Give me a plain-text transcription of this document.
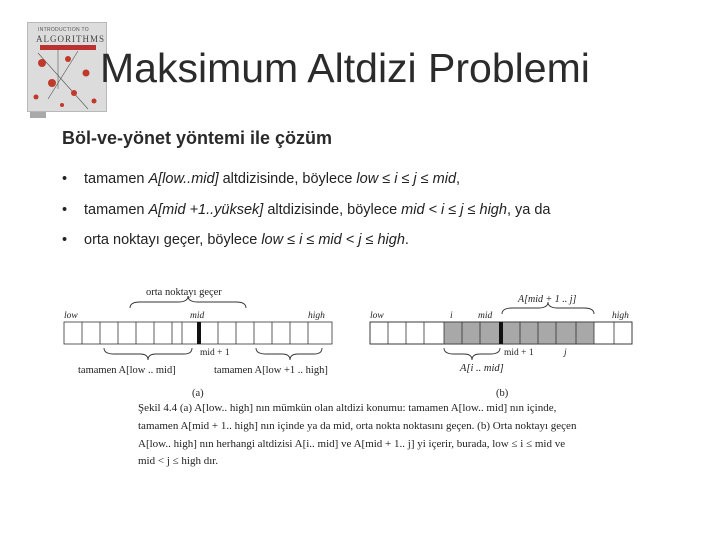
INTRODUCTION TO
ALGORITHMS
Maksimum Altdizi Problemi
Böl-ve-yönet yöntemi ile çözüm
• tamamen A[low..mid] altdizisinde, böylece low ≤ i ≤ j ≤ mid,
• tamamen A[mid +1..yüksek] altdizisinde, böylece mid < i ≤ j ≤ high, ya da
• orta noktayı geçer, böylece low ≤ i ≤ mid < j ≤ high.
orta noktayı geçer
low	mid	high
mid + 1
tamamen A[low .. mid]	tamamen A[low +1 .. high]
(a)
A[mid + 1 .. j]
low	i	mid	high
mid + 1	j
A[i .. mid]
(b)
Şekil 4.4 (a) A[low.. high] nın mümkün olan altdizi konumu: tamamen A[low.. mid] nın içinde,
tamamen A[mid + 1.. high] nın içinde ya da mid, orta nokta noktasını geçen. (b) Orta noktayı geçen
A[low.. high] nın herhangi altdizisi A[i.. mid] ve A[mid + 1.. j] yi içerir, burada, low ≤ i ≤ mid ve
mid < j ≤ high dır.
